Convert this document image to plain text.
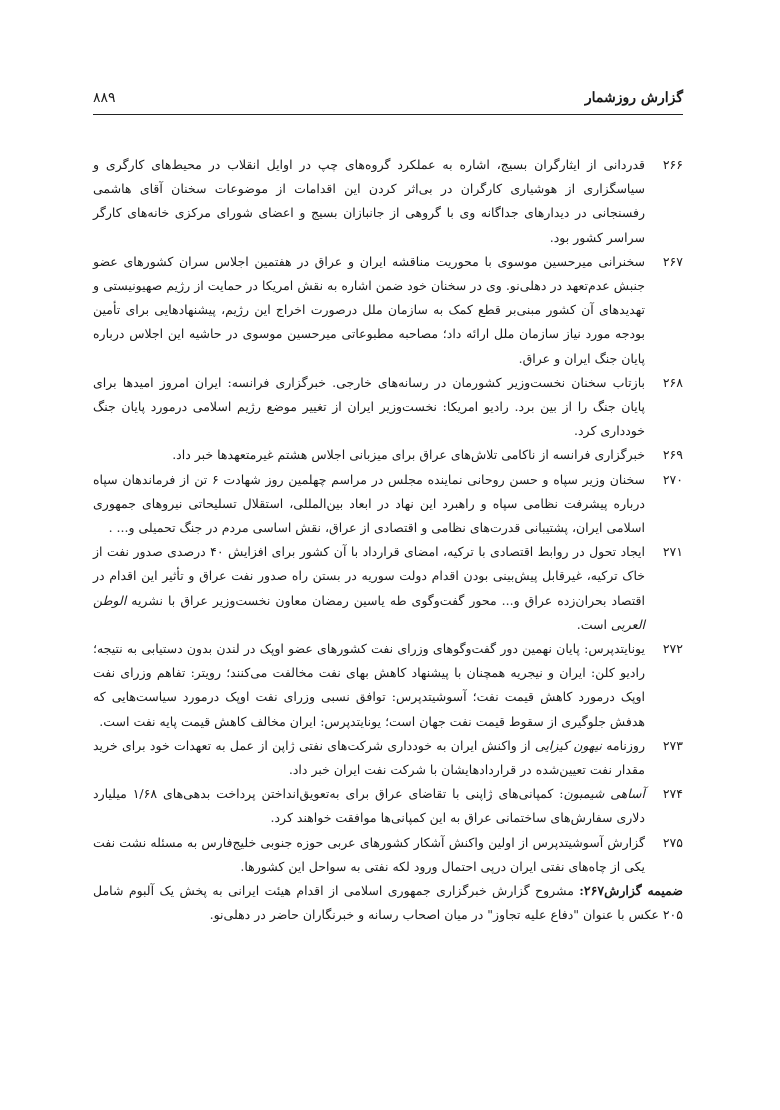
گزارش روزشمار
۸۸۹
۲۶۶
قدردانی از ایثارگران بسیج، اشاره به عملکرد گروه‌های چپ در اوایل انقلاب در محیط‌های کارگری و سیاسگزاری از هوشیاری کارگران در بی‌اثر کردن این اقدامات از موضوعات سخنان آقای هاشمی رفسنجانی در دیدارهای جداگانه وی با گروهی از جانبازان بسیج و اعضای شورای مرکزی خانه‌های کارگر سراسر کشور بود.
۲۶۷
سخنرانی میرحسین موسوی با محوریت مناقشه ایران و عراق در هفتمین اجلاس سران کشورهای عضو جنبش عدم‌تعهد در دهلی‌نو. وی در سخنان خود ضمن اشاره به نقش امریکا در حمایت از رژیم صهیونیستی و تهدیدهای آن کشور مبنی‌بر قطع کمک به سازمان ملل درصورت اخراج این رژیم، پیشنهادهایی برای تأمین بودجه مورد نیاز سازمان ملل ارائه داد؛ مصاحبه مطبوعاتی میرحسین موسوی در حاشیه این اجلاس درباره پایان جنگ ایران و عراق.
۲۶۸
بازتاب سخنان نخست‌وزیر کشورمان در رسانه‌های خارجی. خبرگزاری فرانسه: ایران امروز امیدها برای پایان جنگ را از بین برد. رادیو امریکا: نخست‌وزیر ایران از تغییر موضع رژیم اسلامی درمورد پایان جنگ خودداری کرد.
۲۶۹
خبرگزاری فرانسه از ناکامی تلاش‌های عراق برای میزبانی اجلاس هشتم غیرمتعهدها خبر داد.
۲۷۰
سخنان وزیر سپاه و حسن روحانی نماینده مجلس در مراسم چهلمین روز شهادت ۶ تن از فرماندهان سپاه درباره پیشرفت نظامی سپاه و راهبرد این نهاد در ابعاد بین‌المللی، استقلال تسلیحاتی نیروهای جمهوری اسلامی ایران، پشتیبانی قدرت‌های نظامی و اقتصادی از عراق، نقش اساسی مردم در جنگ تحمیلی و... .
۲۷۱
ایجاد تحول در روابط اقتصادی با ترکیه، امضای قرارداد با آن کشور برای افزایش ۴۰ درصدی صدور نفت از خاک ترکیه، غیرقابل پیش‌بینی بودن اقدام دولت سوریه در بستن راه صدور نفت عراق و تأثیر این اقدام در اقتصاد بحران‌زده عراق و... محور گفت‌وگوی طه یاسین رمضان معاون نخست‌وزیر عراق با نشریه الوطن العربی است.
۲۷۲
یونایتدپرس: پایان نهمین دور گفت‌وگوهای وزرای نفت کشورهای عضو اوپک در لندن بدون دستیابی به نتیجه؛ رادیو کلن: ایران و نیجریه همچنان با پیشنهاد کاهش بهای نفت مخالفت می‌کنند؛ رویتر: تفاهم وزرای نفت اوپک درمورد کاهش قیمت نفت؛ آسوشیتدپرس: توافق نسبی وزرای نفت اوپک درمورد سیاست‌هایی که هدفش جلوگیری از سقوط قیمت نفت جهان است؛ یونایتدپرس: ایران مخالف کاهش قیمت پایه نفت است.
۲۷۳
روزنامه نیهون کیزایی از واکنش ایران به خودداری شرکت‌های نفتی ژاپن از عمل به تعهدات خود برای خرید مقدار نفت تعیین‌شده در قراردادهایشان با شرکت نفت ایران خبر داد.
۲۷۴
آساهی شیمبون: کمپانی‌های ژاپنی با تقاضای عراق برای به‌تعویق‌انداختن پرداخت بدهی‌های ۱/۶۸ میلیارد دلاری سفارش‌های ساختمانی عراق به این کمپانی‌ها موافقت خواهند کرد.
۲۷۵
گزارش آسوشیتدپرس از اولین واکنش آشکار کشورهای عربی حوزه جنوبی خلیج‌فارس به مسئله نشت نفت یکی از چاه‌های نفتی ایران درپی احتمال ورود لکه نفتی به سواحل این کشورها.
ضمیمه گزارش۲۶۷: مشروح گزارش خبرگزاری جمهوری اسلامی از اقدام هیئت ایرانی به پخش یک آلبوم شامل ۲۰۵ عکس با عنوان "دفاع علیه تجاوز" در میان اصحاب رسانه و خبرنگاران حاضر در دهلی‌نو.
